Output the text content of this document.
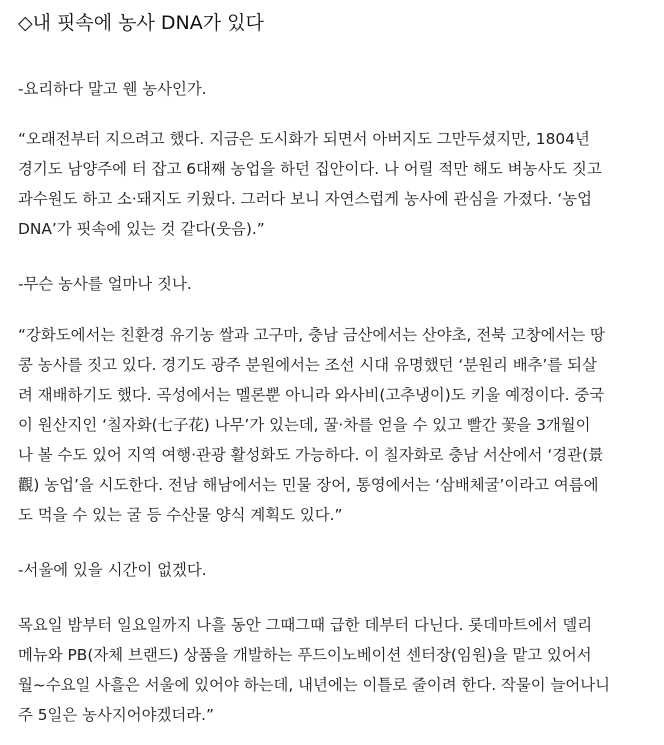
◇내 핏속에 농사 DNA가 있다

-요리하다 말고 웬 농사인가.

“오래전부터 지으려고 했다. 지금은 도시화가 되면서 아버지도 그만두셨지만, 1804년
경기도 남양주에 터 잡고 6대째 농업을 하던 집안이다. 나 어릴 적만 해도 벼농사도 짓고
과수원도 하고 소·돼지도 키웠다. 그러다 보니 자연스럽게 농사에 관심을 가졌다. ‘농업
DNA’가 핏속에 있는 것 같다(웃음).”

-무슨 농사를 얼마나 짓나.

“강화도에서는 친환경 유기농 쌀과 고구마, 충남 금산에서는 산야초, 전북 고창에서는 땅
콩 농사를 짓고 있다. 경기도 광주 분원에서는 조선 시대 유명했던 ‘분원리 배추’를 되살
려 재배하기도 했다. 곡성에서는 멜론뿐 아니라 와사비(고추냉이)도 키울 예정이다. 중국
이 원산지인 ‘칠자화(七子花) 나무’가 있는데, 꿀·차를 얻을 수 있고 빨간 꽃을 3개월이
나 볼 수도 있어 지역 여행·관광 활성화도 가능하다. 이 칠자화로 충남 서산에서 ‘경관(景
觀) 농업’을 시도한다. 전남 해남에서는 민물 장어, 통영에서는 ‘삼배체굴’이라고 여름에
도 먹을 수 있는 굴 등 수산물 양식 계획도 있다.”

-서울에 있을 시간이 없겠다.

목요일 밤부터 일요일까지 나흘 동안 그때그때 급한 데부터 다닌다. 롯데마트에서 델리
메뉴와 PB(자체 브랜드) 상품을 개발하는 푸드이노베이션 센터장(임원)을 맡고 있어서
월~수요일 사흘은 서울에 있어야 하는데, 내년에는 이틀로 줄이려 한다. 작물이 늘어나니
주 5일은 농사지어야겠더라.”
